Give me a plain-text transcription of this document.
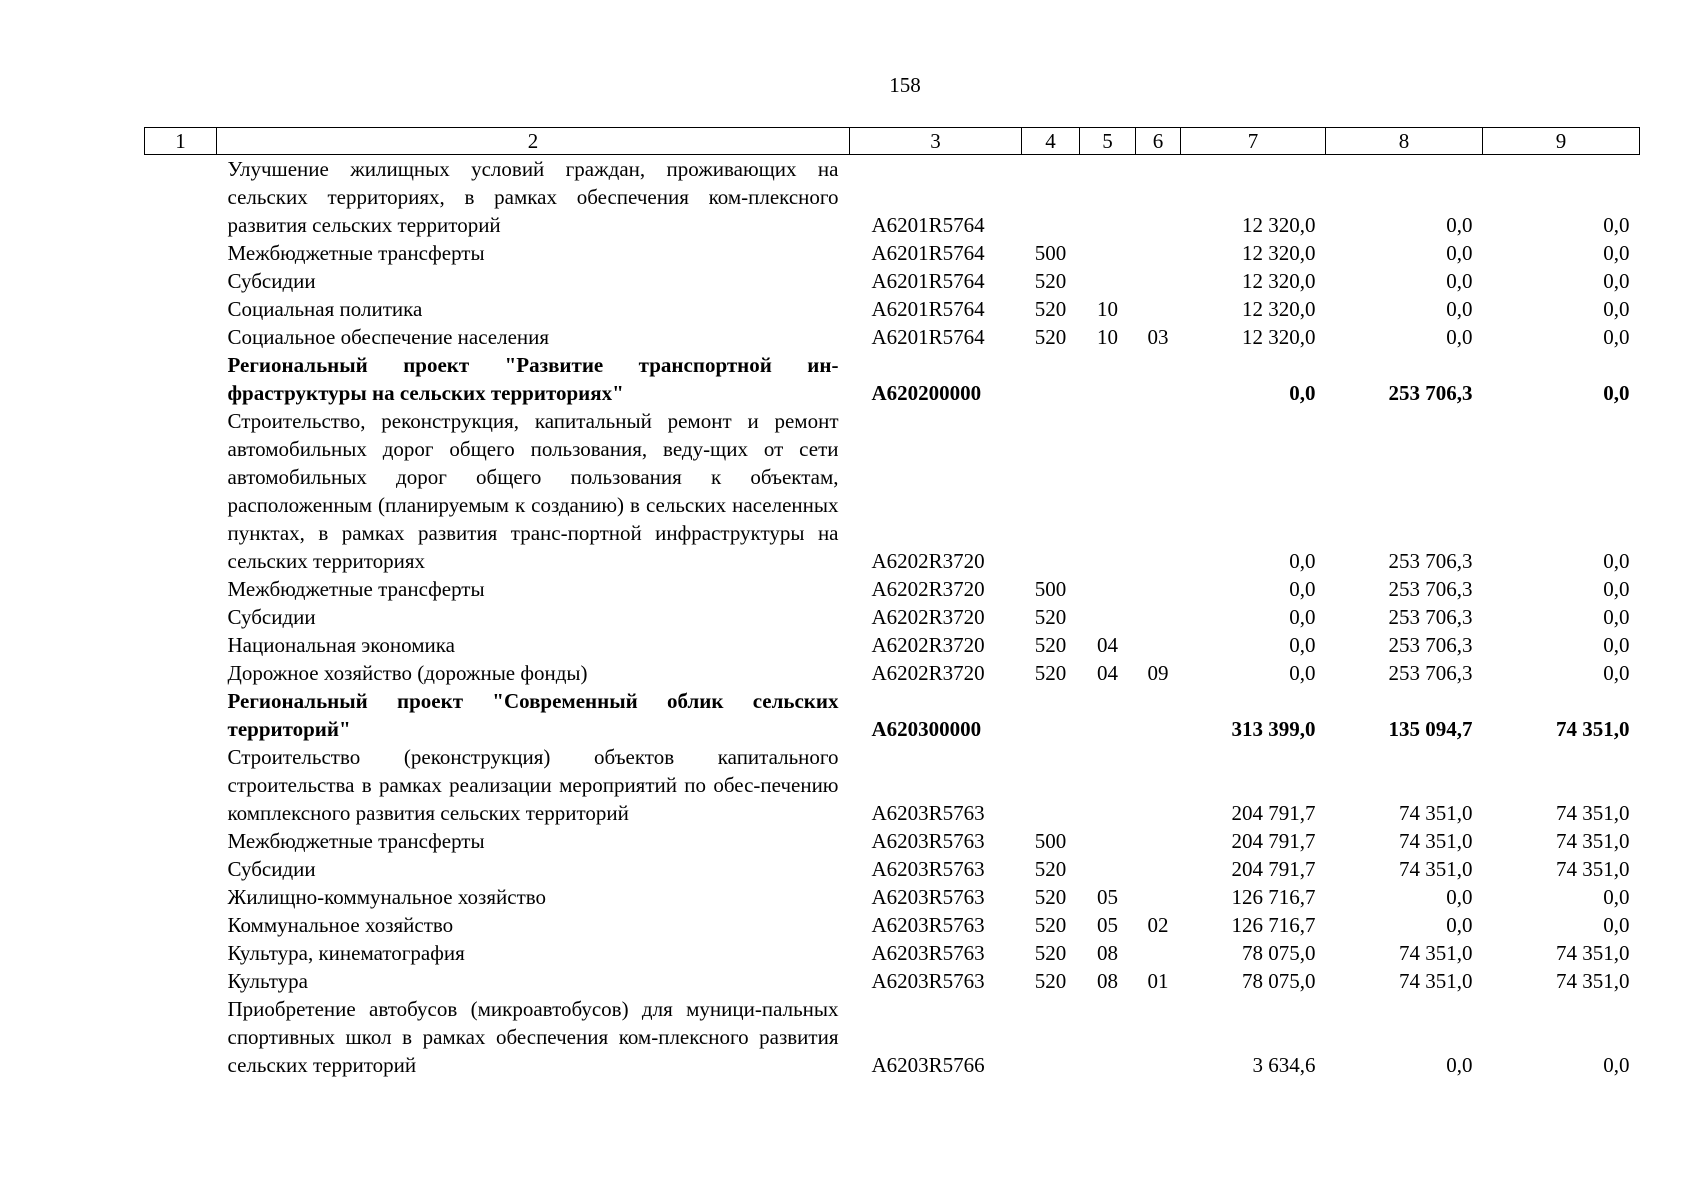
158
1	2	3	4	5	6	7	8	9
	Улучшение жилищных условий граждан, проживающих на сельских территориях, в рамках обеспечения ком-плексного развития сельских территорий	А6201R5764				12 320,0	0,0	0,0
	Межбюджетные трансферты	А6201R5764	500			12 320,0	0,0	0,0
	Субсидии	А6201R5764	520			12 320,0	0,0	0,0
	Социальная политика	А6201R5764	520	10		12 320,0	0,0	0,0
	Социальное обеспечение населения	А6201R5764	520	10	03	12 320,0	0,0	0,0
	Региональный проект "Развитие транспортной ин-фраструктуры на сельских территориях"	А620200000				0,0	253 706,3	0,0
	Строительство, реконструкция, капитальный ремонт и ремонт автомобильных дорог общего пользования, веду-щих от сети автомобильных дорог общего пользования к объектам, расположенным (планируемым к созданию) в сельских населенных пунктах, в рамках развития транс-портной инфраструктуры на сельских территориях	А6202R3720				0,0	253 706,3	0,0
	Межбюджетные трансферты	А6202R3720	500			0,0	253 706,3	0,0
	Субсидии	А6202R3720	520			0,0	253 706,3	0,0
	Национальная экономика	А6202R3720	520	04		0,0	253 706,3	0,0
	Дорожное хозяйство (дорожные фонды)	А6202R3720	520	04	09	0,0	253 706,3	0,0
	Региональный проект "Современный облик сельских территорий"	А620300000				313 399,0	135 094,7	74 351,0
	Строительство (реконструкция) объектов капитального строительства в рамках реализации мероприятий по обес-печению комплексного развития сельских территорий	А6203R5763				204 791,7	74 351,0	74 351,0
	Межбюджетные трансферты	А6203R5763	500			204 791,7	74 351,0	74 351,0
	Субсидии	А6203R5763	520			204 791,7	74 351,0	74 351,0
	Жилищно-коммунальное хозяйство	А6203R5763	520	05		126 716,7	0,0	0,0
	Коммунальное хозяйство	А6203R5763	520	05	02	126 716,7	0,0	0,0
	Культура, кинематография	А6203R5763	520	08		78 075,0	74 351,0	74 351,0
	Культура	А6203R5763	520	08	01	78 075,0	74 351,0	74 351,0
	Приобретение автобусов (микроавтобусов) для муници-пальных спортивных школ в рамках обеспечения ком-плексного развития сельских территорий	А6203R5766				3 634,6	0,0	0,0
